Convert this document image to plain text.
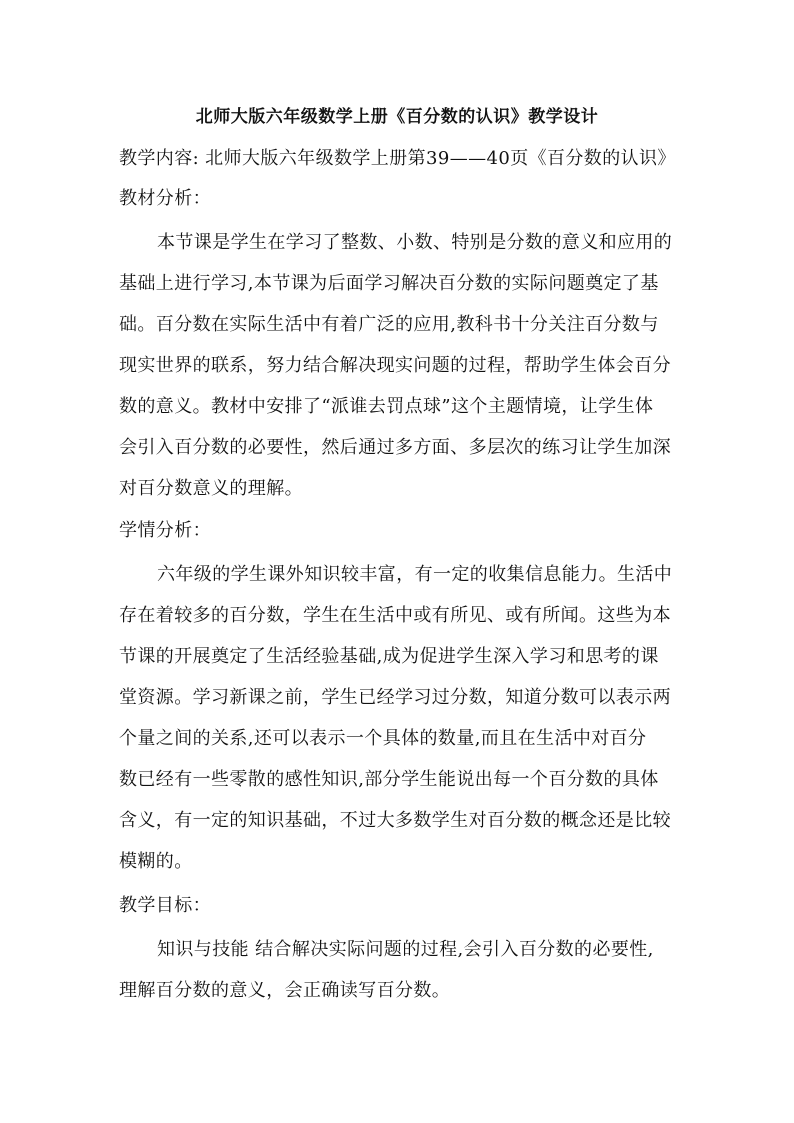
北师大版六年级数学上册《百分数的认识》教学设计
教学内容: 北师大版六年级数学上册第39——40页《百分数的认识》
教材分析：
本节课是学生在学习了整数、小数、特别是分数的意义和应用的
基础上进行学习,本节课为后面学习解决百分数的实际问题奠定了基
础。百分数在实际生活中有着广泛的应用,教科书十分关注百分数与
现实世界的联系，努力结合解决现实问题的过程，帮助学生体会百分
数的意义。教材中安排了“派谁去罚点球”这个主题情境，让学生体
会引入百分数的必要性，然后通过多方面、多层次的练习让学生加深
对百分数意义的理解。
学情分析：
六年级的学生课外知识较丰富，有一定的收集信息能力。生活中
存在着较多的百分数，学生在生活中或有所见、或有所闻。这些为本
节课的开展奠定了生活经验基础,成为促进学生深入学习和思考的课
堂资源。学习新课之前，学生已经学习过分数，知道分数可以表示两
个量之间的关系,还可以表示一个具体的数量,而且在生活中对百分
数已经有一些零散的感性知识,部分学生能说出每一个百分数的具体
含义，有一定的知识基础，不过大多数学生对百分数的概念还是比较
模糊的。
教学目标：
知识与技能 结合解决实际问题的过程,会引入百分数的必要性,
理解百分数的意义，会正确读写百分数。
